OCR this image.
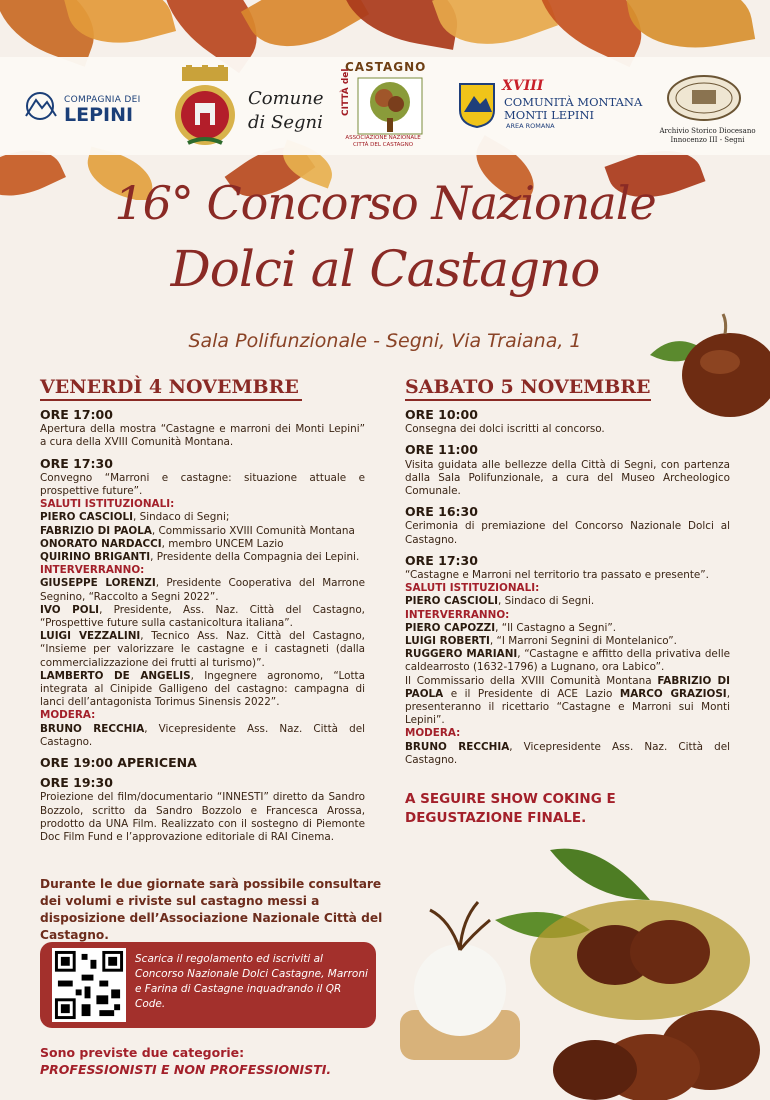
COMPAGNIA DEI
LEPINI
Comune
di Segni
CASTAGNO
CITTÀ del
ASSOCIAZIONE NAZIONALE CITTÀ DEL CASTAGNO
XVIII
COMUNITÀ MONTANA
MONTI LEPINI
AREA ROMANA
Archivio Storico Diocesano
Innocenzo III - Segni
16° Concorso Nazionale
Dolci al Castagno
Sala Polifunzionale - Segni, Via Traiana, 1
VENERDÌ 4 NOVEMBRE	SABATO 5 NOVEMBRE
ORE 17:00

Apertura della mostra “Castagne e marroni dei Monti Lepini” a cura della XVIII Comunità Montana.

ORE 17:30

Convegno “Marroni e castagne: situazione attuale e prospettive future”.

SALUTI ISTITUZIONALI:

PIERO CASCIOLI, Sindaco di Segni;

FABRIZIO DI PAOLA, Commissario XVIII Comunità Montana

ONORATO NARDACCI, membro UNCEM Lazio

QUIRINO BRIGANTI, Presidente della Compagnia dei Lepini.

INTERVERRANNO:

GIUSEPPE LORENZI, Presidente Cooperativa del Marrone Segnino, “Raccolto a Segni 2022”.

IVO POLI, Presidente, Ass. Naz. Città del Castagno, “Prospettive future sulla castanicoltura italiana”.

LUIGI VEZZALINI, Tecnico Ass. Naz. Città del Castagno, “Insieme per valorizzare le castagne e i castagneti (dalla commercializzazione dei frutti al turismo)”.

LAMBERTO DE ANGELIS, Ingegnere agronomo, “Lotta integrata al Cinipide Galligeno del castagno: campagna di lanci dell’antagonista Torimus Sinensis 2022”.

MODERA:

BRUNO RECCHIA, Vicepresidente Ass. Naz. Città del Castagno.

ORE 19:00 APERICENA
ORE 19:30

Proiezione del film/documentario “INNESTI” diretto da Sandro Bozzolo, scritto da Sandro Bozzolo e Francesca Arossa, prodotto da UNA Film. Realizzato con il sostegno di Piemonte Doc Film Fund e l’approvazione editoriale di RAI Cinema.

ORE 10:00

Consegna dei dolci iscritti al concorso.

ORE 11:00

Visita guidata alle bellezze della Città di Segni, con partenza dalla Sala Polifunzionale, a cura del Museo Archeologico Comunale.

ORE 16:30

Cerimonia di premiazione del Concorso Nazionale Dolci al Castagno.

ORE 17:30

“Castagne e Marroni nel territorio tra passato e presente”.

SALUTI ISTITUZIONALI:

PIERO CASCIOLI, Sindaco di Segni.

INTERVERRANNO:

PIERO CAPOZZI, “Il Castagno a Segni”.

LUIGI ROBERTI, “I Marroni Segnini di Montelanico”.

RUGGERO MARIANI, “Castagne e affitto della privativa delle caldearrosto (1632-1796) a Lugnano, ora Labico”.

Il Commissario della XVIII Comunità Montana FABRIZIO DI PAOLA e il Presidente di ACE Lazio MARCO GRAZIOSI, presenteranno il ricettario “Castagne e Marroni sui Monti Lepini”.

MODERA:

BRUNO RECCHIA, Vicepresidente Ass. Naz. Città del Castagno.

A SEGUIRE SHOW COKING E DEGUSTAZIONE FINALE.
Durante le due giornate sarà possibile consultare dei volumi e riviste sul castagno messi a disposizione dell’Associazione Nazionale Città del Castagno.
Scarica il regolamento ed iscriviti al Concorso Nazionale Dolci Castagne, Marroni e Farina di Castagne inquadrando il QR Code.
Sono previste due categorie:
PROFESSIONISTI E NON PROFESSIONISTI.
